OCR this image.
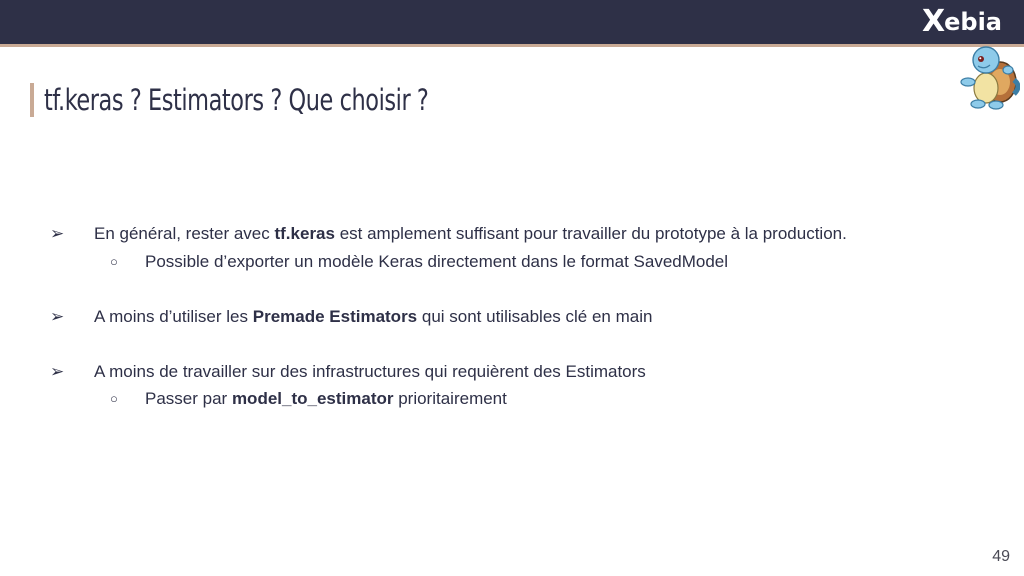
X ebia
tf.keras ? Estimators ? Que choisir ?
➢	En général, rester avec tf.keras est amplement suffisant pour travailler du prototype à la production.
○	Possible d’exporter un modèle Keras directement dans le format SavedModel
➢	A moins d’utiliser les Premade Estimators qui sont utilisables clé en main
➢	A moins de travailler sur des infrastructures qui requièrent des Estimators
○	Passer par model_to_estimator prioritairement
49
